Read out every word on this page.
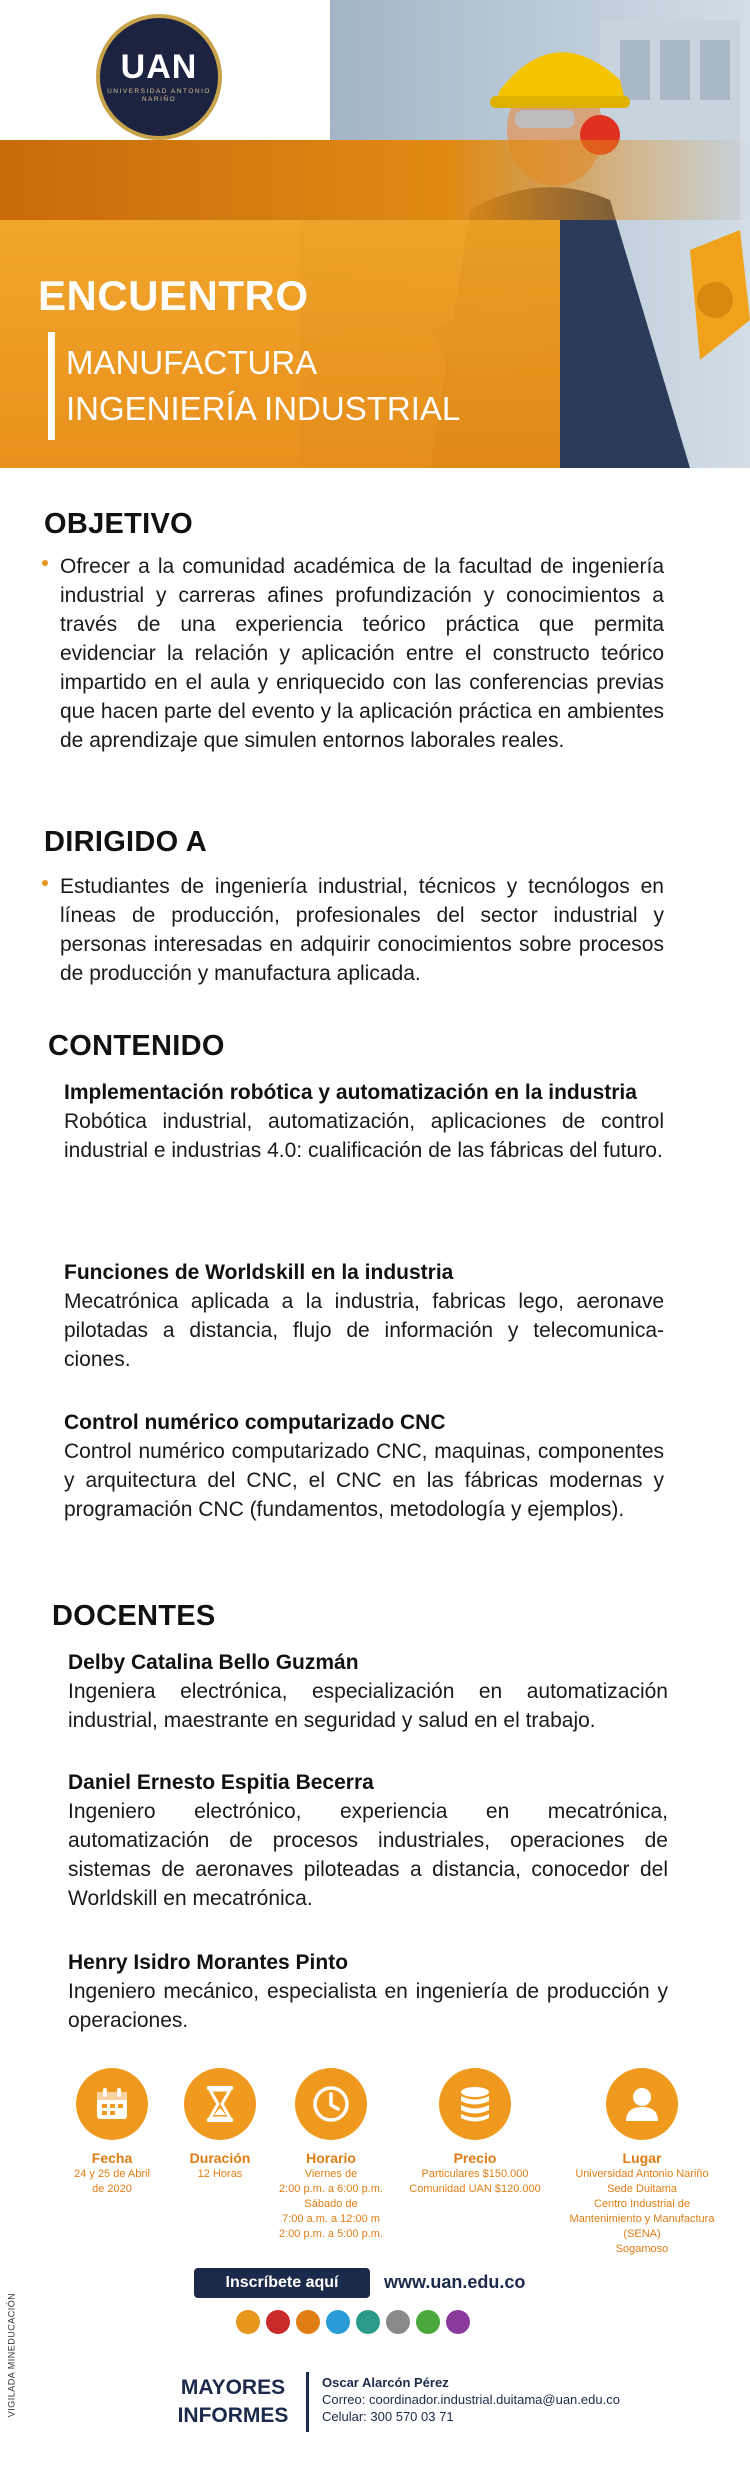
UAN
UNIVERSIDAD ANTONIO NARIÑO
ENCUENTRO
MANUFACTURA
INGENIERÍA INDUSTRIAL
OBJETIVO

Ofrecer a la comunidad académica de la facultad de ingeniería industrial y carreras afines profundización y conocimientos a través de una experiencia teórico práctica que permita evidenciar la relación y aplicación entre el constructo teórico impartido en el aula y enriquecido con las conferencias previas que hacen parte del evento y la aplicación práctica en ambientes de aprendizaje que simulen entornos laborales reales.

DIRIGIDO A

Estudiantes de ingeniería industrial, técnicos y tecnólogos en líneas de producción, profesionales del sector industrial y personas interesadas en adquirir conocimientos sobre procesos de producción y manufactura aplicada.

CONTENIDO
Implementación robótica y automatización en la industria
Robótica industrial, automatización, aplicaciones de control industrial e industrias 4.0: cualificación de las fábricas del futuro.
Funciones de Worldskill en la industria
Mecatrónica aplicada a la industria, fabricas lego, aeronave pilotadas a distancia, flujo de información y telecomunica-ciones.
Control numérico computarizado CNC
Control numérico computarizado CNC, maquinas, componentes y arquitectura del CNC, el CNC en las fábricas modernas y programación CNC (fundamentos, metodología y ejemplos).
DOCENTES
Delby Catalina Bello Guzmán
Ingeniera electrónica, especialización en automatización industrial, maestrante en seguridad y salud en el trabajo.
Daniel Ernesto Espitia Becerra
Ingeniero electrónico, experiencia en mecatrónica, automatización de procesos industriales, operaciones de sistemas de aeronaves piloteadas a distancia, conocedor del Worldskill en mecatrónica.
Henry Isidro Morantes Pinto
Ingeniero mecánico, especialista en ingeniería de producción y operaciones.
Fecha
24 y 25 de Abril
de 2020
Duración
12 Horas
Horario
Viernes de
2:00 p.m. a 6:00 p.m.
Sábado de
7:00 a.m. a 12:00 m
2:00 p.m. a 5:00 p.m.
Precio
Particulares $150.000
Comunidad UAN $120.000
Lugar
Universidad Antonio Nariño
Sede Duitama
Centro Industrial de
Mantenimiento y Manufactura
(SENA)
Sogamoso
VIGILADA MINEDUCACIÓN
Inscríbete aquí	www.uan.edu.co
MAYORES
INFORMES
Oscar Alarcón Pérez
Correo: coordinador.industrial.duitama@uan.edu.co
Celular: 300 570 03 71
